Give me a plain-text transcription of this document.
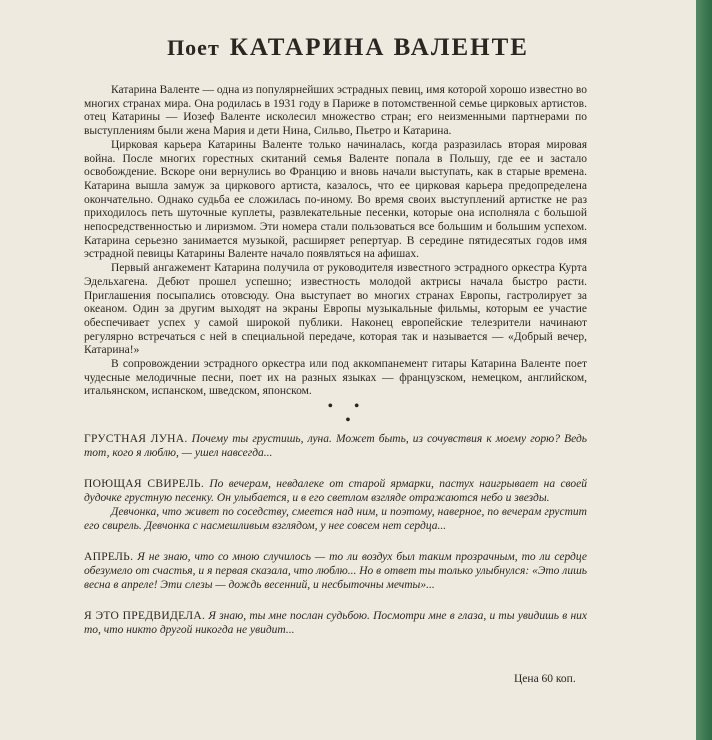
Поет КАТАРИНА ВАЛЕНТЕ

Катарина Валенте — одна из популярнейших эстрадных певиц, имя которой хорошо известно во многих странах мира. Она родилась в 1931 году в Париже в потомственной семье цирковых артистов. отец Катарины — Иозеф Валенте исколесил множество стран; его неизменными партнерами по выступлениям были жена Мария и дети Нина, Сильво, Пьетро и Катарина.

Цирковая карьера Катарины Валенте только начиналась, когда разразилась вторая мировая война. После многих горестных скитаний семья Валенте попала в Польшу, где ее и застало освобождение. Вскоре они вернулись во Францию и вновь начали выступать, как в старые времена. Катарина вышла замуж за циркового артиста, казалось, что ее цирковая карьера предопределена окончательно. Однако судьба ее сложилась по-иному. Во время своих выступлений артистке не раз приходилось петь шуточные куплеты, развлекательные песенки, которые она исполняла с большой непосредственностью и лиризмом. Эти номера стали пользоваться все большим и большим успехом. Катарина серьезно занимается музыкой, расширяет репертуар. В середине пятидесятых годов имя эстрадной певицы Катарины Валенте начало появляться на афишах.

Первый ангажемент Катарина получила от руководителя известного эстрадного оркестра Курта Эдельхагена. Дебют прошел успешно; известность молодой актрисы начала быстро расти. Приглашения посыпались отовсюду. Она выступает во многих странах Европы, гастролирует за океаном. Один за другим выходят на экраны Европы музыкальные фильмы, которым ее участие обеспечивает успех у самой широкой публики. Наконец европейские телезрители начинают регулярно встречаться с ней в специальной передаче, которая так и называется — «Добрый вечер, Катарина!»

В сопровождении эстрадного оркестра или под аккомпанемент гитары Катарина Валенте поет чудесные мелодичные песни, поет их на разных языках — французском, немецком, английском, итальянском, испанском, шведском, японском.

• •
•

ГРУСТНАЯ ЛУНА. Почему ты грустишь, луна. Может быть, из сочувствия к моему горю? Ведь тот, кого я люблю, — ушел навсегда...

ПОЮЩАЯ СВИРЕЛЬ. По вечерам, невдалеке от старой ярмарки, пастух наигрывает на своей дудочке грустную песенку. Он улыбается, и в его светлом взгляде отражаются небо и звезды.
Девчонка, что живет по соседству, смеется над ним, и поэтому, наверное, по вечерам грустит его свирель. Девчонка с насмешливым взглядом, у нее совсем нет сердца...

АПРЕЛЬ. Я не знаю, что со мною случилось — то ли воздух был таким прозрачным, то ли сердце обезумело от счастья, и я первая сказала, что люблю... Но в ответ ты только улыбнулся: «Это лишь весна в апреле! Эти слезы — дождь весенний, и несбыточны мечты»...

Я ЭТО ПРЕДВИДЕЛА. Я знаю, ты мне послан судьбою. Посмотри мне в глаза, и ты увидишь в них то, что никто другой никогда не увидит...

Цена 60 коп.
